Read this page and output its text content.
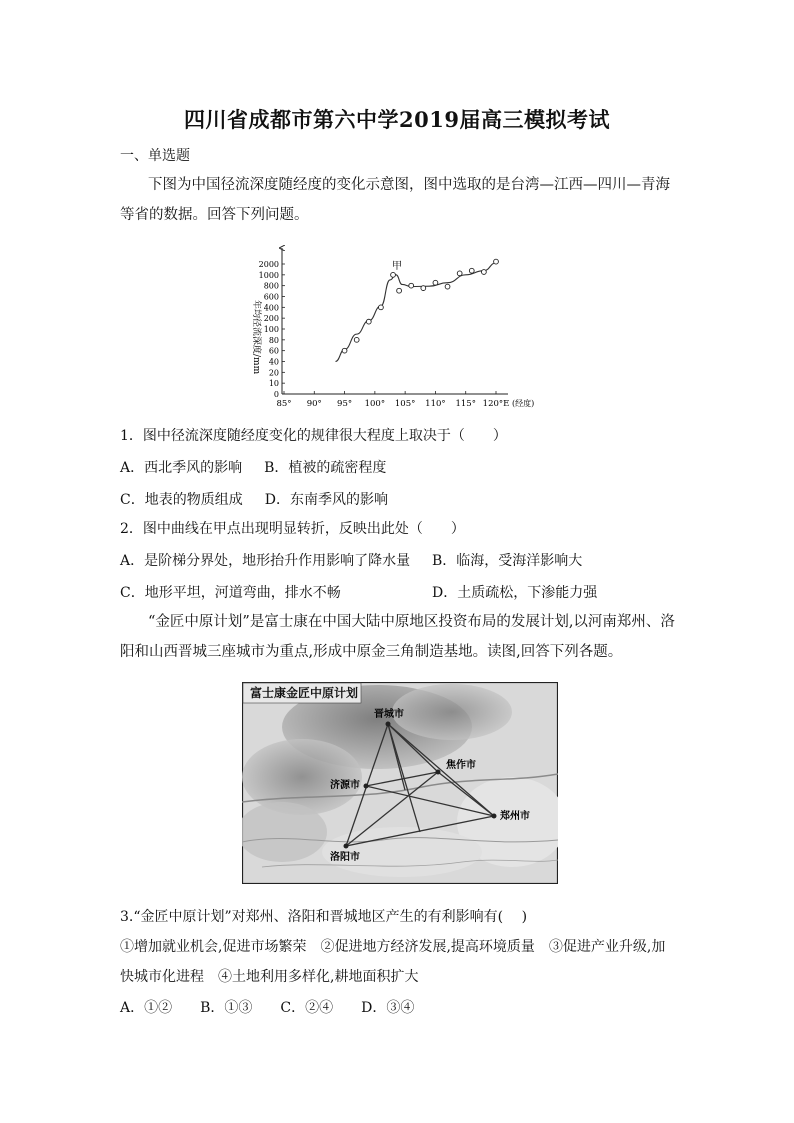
四川省成都市第六中学2019届高三模拟考试
一、单选题
下图为中国径流深度随经度的变化示意图，图中选取的是台湾—江西—四川—青海等省的数据。回答下列问题。
年均径流深度/mm
2000
1000
800
600
400
200
100
80
60
40
20
10
0
85° 90° 95° 100° 105° 110° 115° 120°E (经度)
甲
1．图中径流深度随经度变化的规律很大程度上取决于（　　）
A．西北季风的影响 B．植被的疏密程度
C．地表的物质组成 D．东南季风的影响
2．图中曲线在甲点出现明显转折，反映出此处（　　）
A．是阶梯分界处，地形抬升作用影响了降水量 B．临海，受海洋影响大
C．地形平坦，河道弯曲，排水不畅	D．土质疏松，下渗能力强
“金匠中原计划”是富士康在中国大陆中原地区投资布局的发展计划,以河南郑州、洛阳和山西晋城三座城市为重点,形成中原金三角制造基地。读图,回答下列各题。
富士康金匠中原计划
晋城市
焦作市
济源市
郑州市
洛阳市
3.“金匠中原计划”对郑州、洛阳和晋城地区产生的有利影响有(　 )
①增加就业机会,促进市场繁荣　②促进地方经济发展,提高环境质量　③促进产业升级,加
快城市化进程　④土地利用多样化,耕地面积扩大
A．①②　　B．①③　　C．②④　　D．③④
